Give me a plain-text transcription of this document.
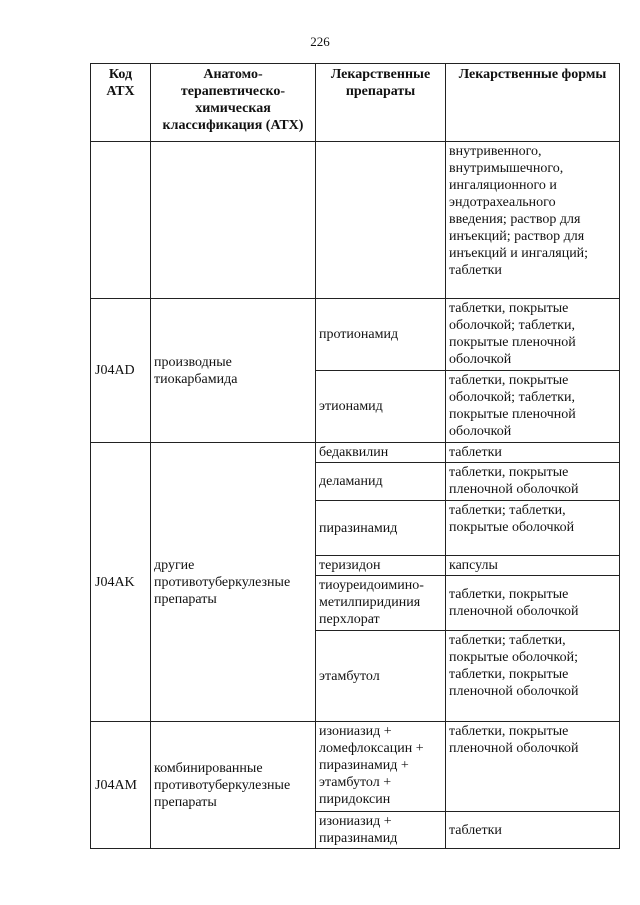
226
Код АТХ	Анатомо-терапевтическо-химическая классификация (АТХ)	Лекарственные препараты	Лекарственные формы
			внутривенного, внутримышечного, ингаляционного и эндотрахеального введения; раствор для инъекций; раствор для инъекций и ингаляций; таблетки
J04AD	производные тиокарбамида	протионамид	таблетки, покрытые оболочкой; таблетки, покрытые пленочной оболочкой
		этионамид	таблетки, покрытые оболочкой; таблетки, покрытые пленочной оболочкой
J04AK	другие противотуберкулезные препараты	бедаквилин	таблетки
		деламанид	таблетки, покрытые пленочной оболочкой
		пиразинамид	таблетки; таблетки, покрытые оболочкой
		теризидон	капсулы
		тиоуреидоимино-метилпиридиния перхлорат	таблетки, покрытые пленочной оболочкой
		этамбутол	таблетки; таблетки, покрытые оболочкой; таблетки, покрытые пленочной оболочкой
J04AM	комбинированные противотуберкулезные препараты	изониазид + ломефлоксацин + пиразинамид + этамбутол + пиридоксин	таблетки, покрытые пленочной оболочкой
		изониазид + пиразинамид	таблетки
